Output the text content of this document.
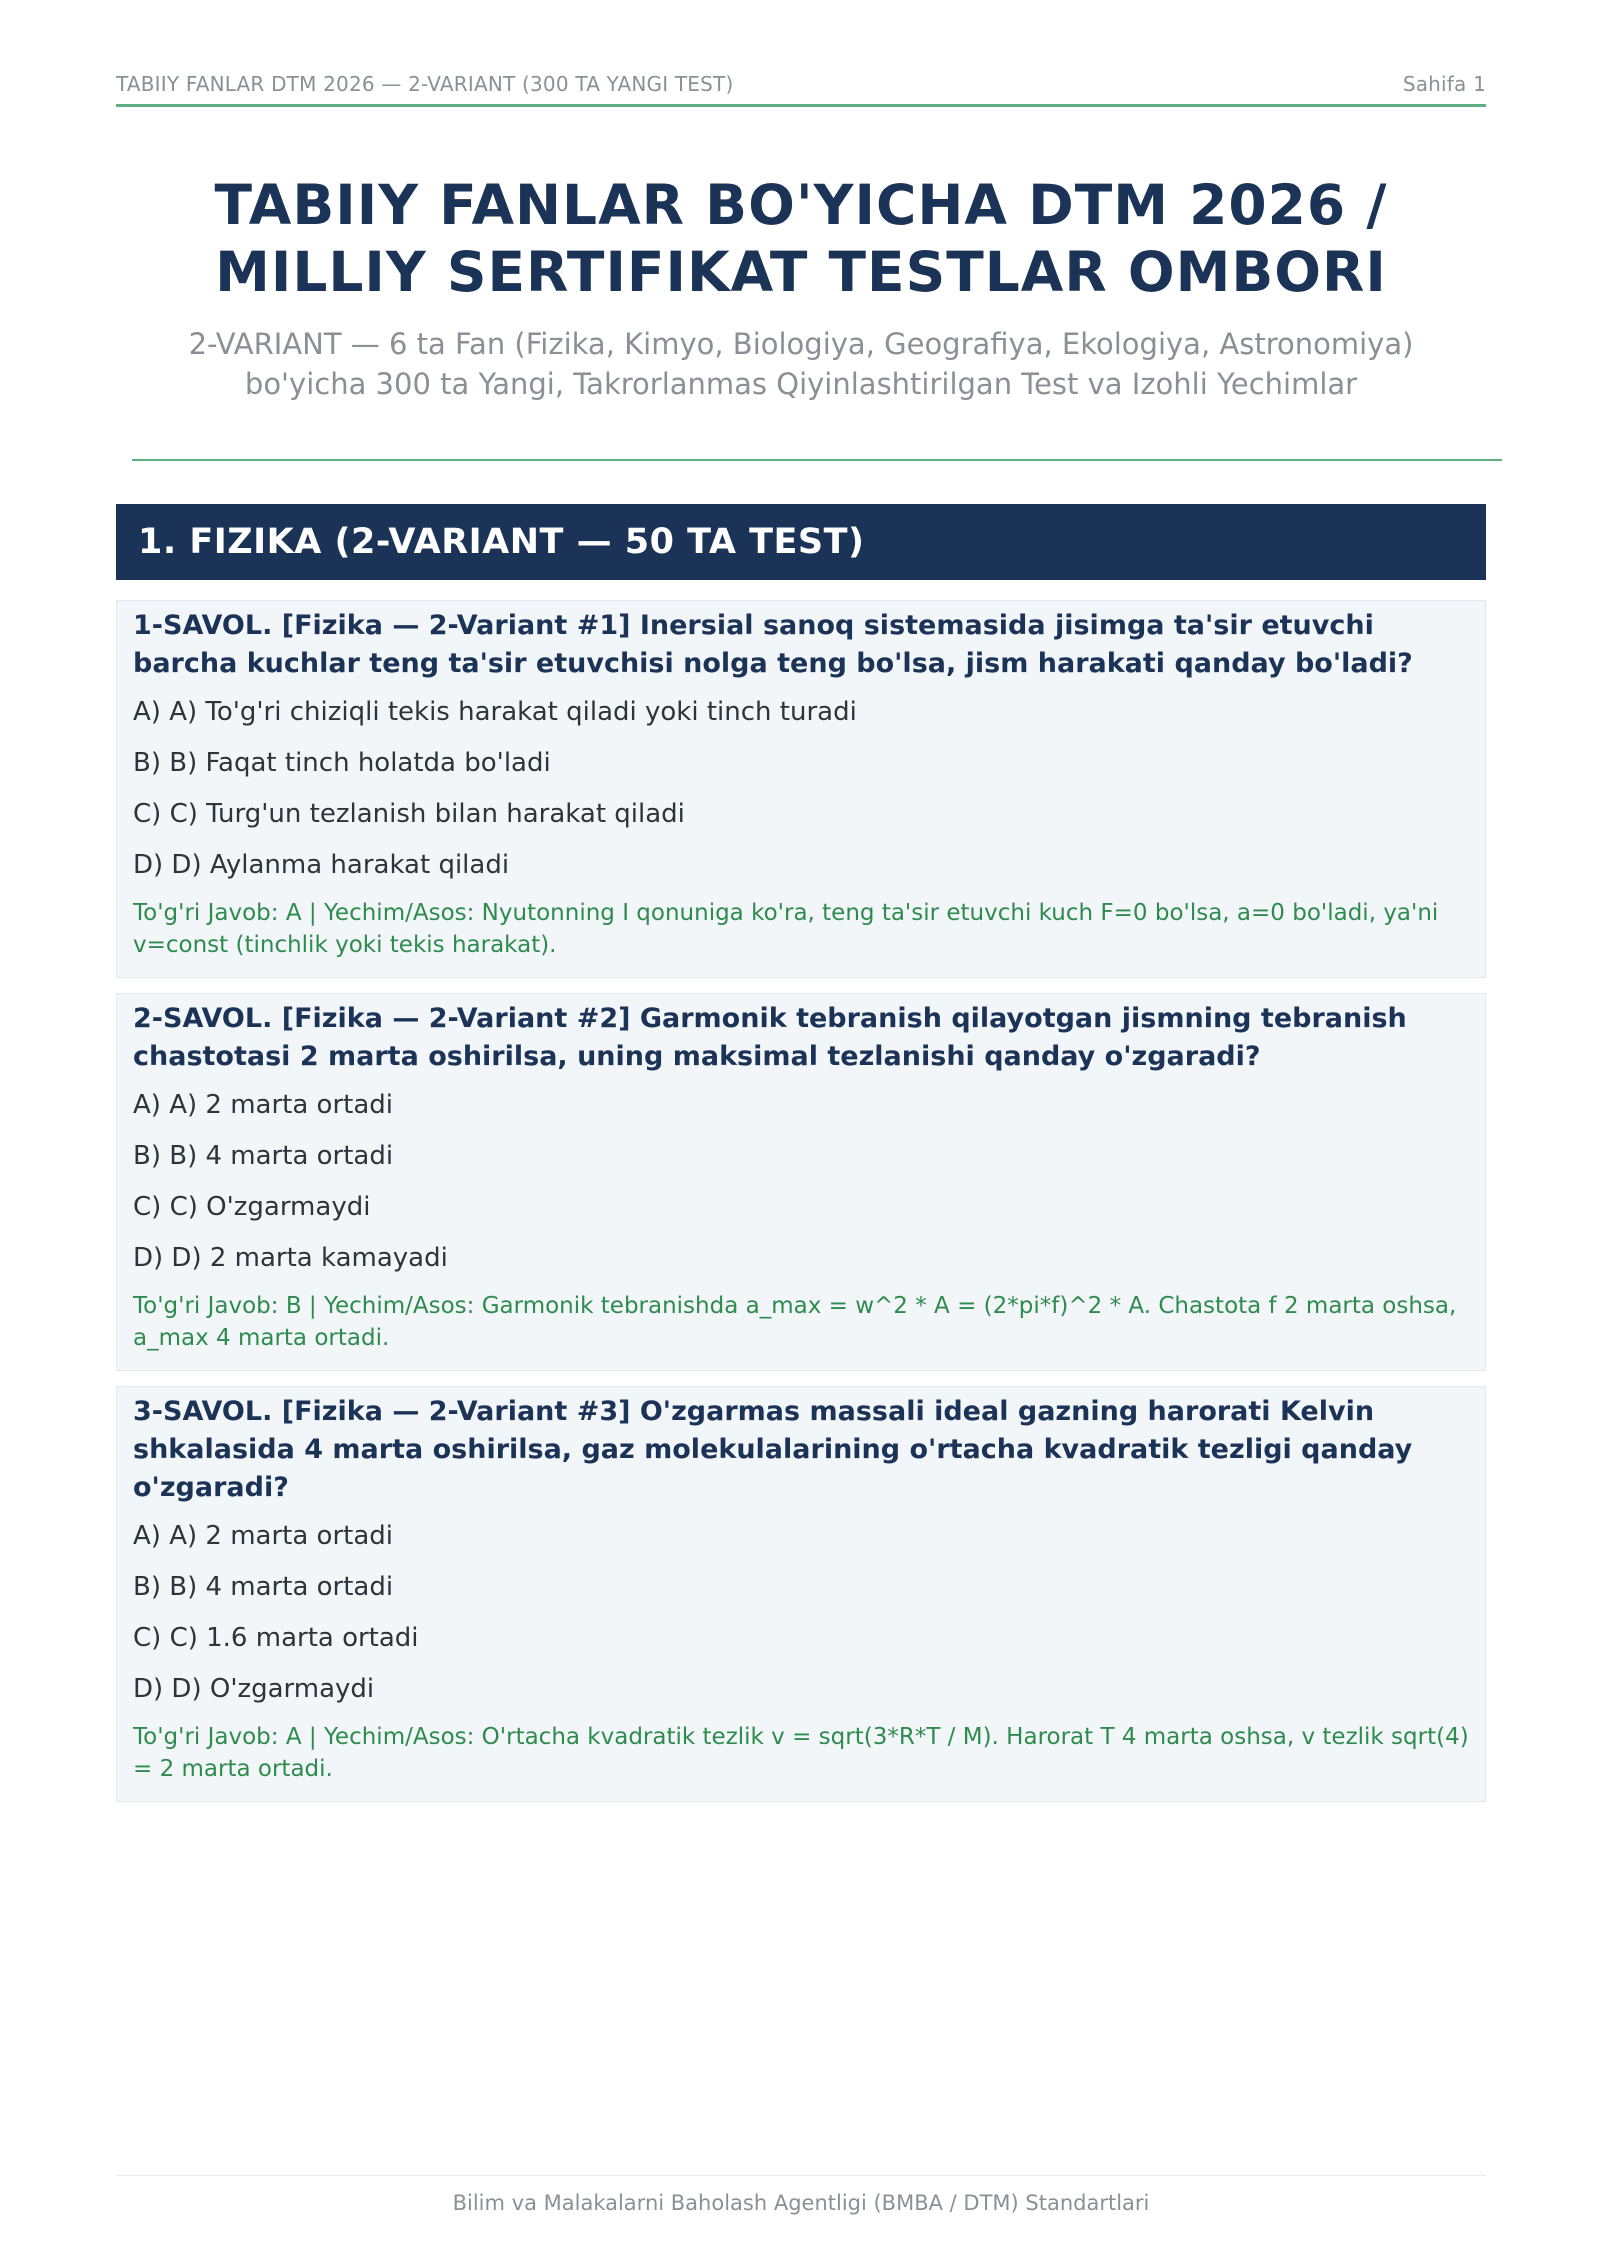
TABIIY FANLAR DTM 2026 — 2-VARIANT (300 TA YANGI TEST)	Sahifa 1
TABIIY FANLAR BO'YICHA DTM 2026 /
MILLIY SERTIFIKAT TESTLAR OMBORI
2-VARIANT — 6 ta Fan (Fizika, Kimyo, Biologiya, Geografiya, Ekologiya, Astronomiya)
bo'yicha 300 ta Yangi, Takrorlanmas Qiyinlashtirilgan Test va Izohli Yechimlar
1. FIZIKA (2-VARIANT — 50 TA TEST)

1-SAVOL. [Fizika — 2-Variant #1] Inersial sanoq sistemasida jisimga ta'sir etuvchi barcha kuchlar teng ta'sir etuvchisi nolga teng bo'lsa, jism harakati qanday bo'ladi?

A) A) To'g'ri chiziqli tekis harakat qiladi yoki tinch turadi
B) B) Faqat tinch holatda bo'ladi
C) C) Turg'un tezlanish bilan harakat qiladi
D) D) Aylanma harakat qiladi
To'g'ri Javob: A | Yechim/Asos: Nyutonning I qonuniga ko'ra, teng ta'sir etuvchi kuch F=0 bo'lsa, a=0 bo'ladi, ya'ni v=const (tinchlik yoki tekis harakat).

2-SAVOL. [Fizika — 2-Variant #2] Garmonik tebranish qilayotgan jismning tebranish chastotasi 2 marta oshirilsa, uning maksimal tezlanishi qanday o'zgaradi?

A) A) 2 marta ortadi
B) B) 4 marta ortadi
C) C) O'zgarmaydi
D) D) 2 marta kamayadi
To'g'ri Javob: B | Yechim/Asos: Garmonik tebranishda a_max = w^2 * A = (2*pi*f)^2 * A. Chastota f 2 marta oshsa, a_max 4 marta ortadi.

3-SAVOL. [Fizika — 2-Variant #3] O'zgarmas massali ideal gazning harorati Kelvin shkalasida 4 marta oshirilsa, gaz molekulalarining o'rtacha kvadratik tezligi qanday o'zgaradi?

A) A) 2 marta ortadi
B) B) 4 marta ortadi
C) C) 1.6 marta ortadi
D) D) O'zgarmaydi
To'g'ri Javob: A | Yechim/Asos: O'rtacha kvadratik tezlik v = sqrt(3*R*T / M). Harorat T 4 marta oshsa, v tezlik sqrt(4) = 2 marta ortadi.
Bilim va Malakalarni Baholash Agentligi (BMBA / DTM) Standartlari
